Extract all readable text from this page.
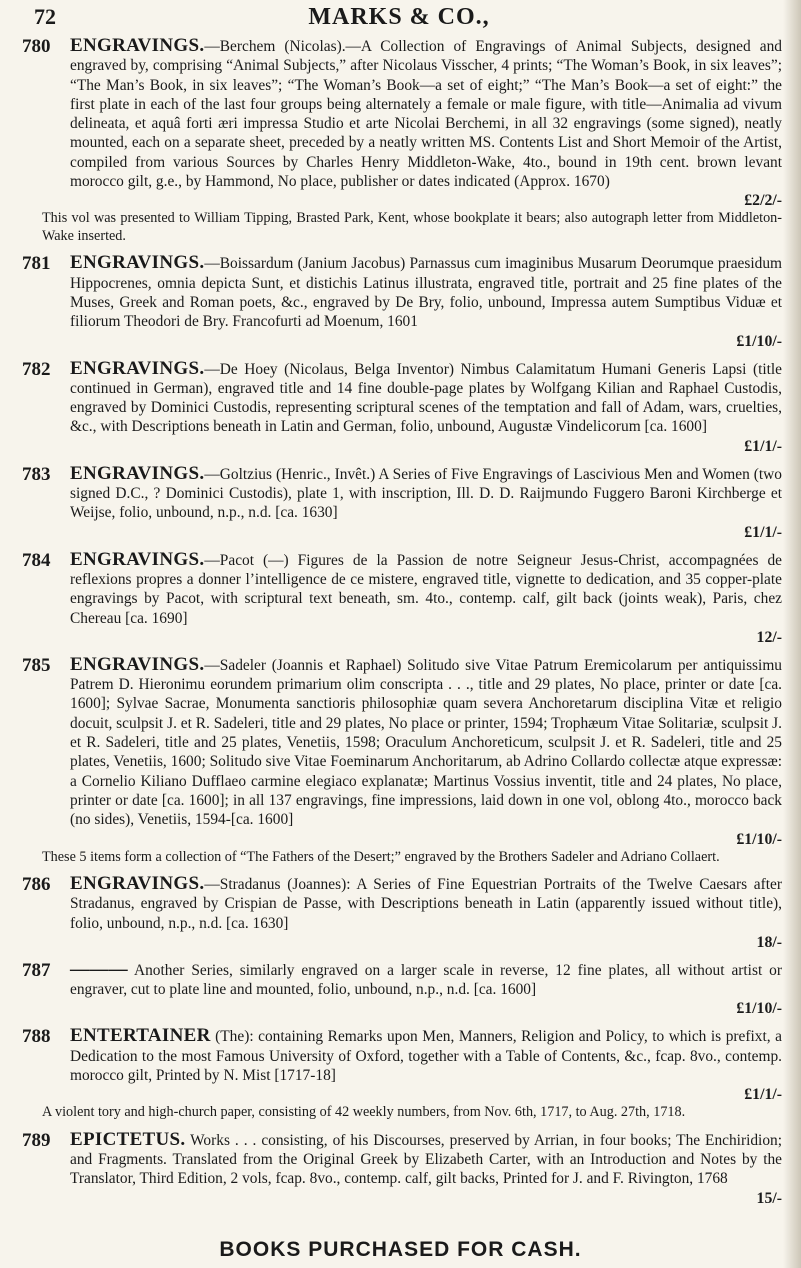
72	MARKS & CO.,
780 ENGRAVINGS.—Berchem (Nicolas).—A Collection of Engravings of Animal Subjects, designed and engraved by, comprising “Animal Subjects,” after Nicolaus Visscher, 4 prints; “The Woman’s Book, in six leaves”; “The Man’s Book, in six leaves”; “The Woman’s Book—a set of eight;” “The Man’s Book—a set of eight:” the first plate in each of the last four groups being alternately a female or male figure, with title—Animalia ad vivum delineata, et aquâ forti æri impressa Studio et arte Nicolai Berchemi, in all 32 engravings (some signed), neatly mounted, each on a separate sheet, preceded by a neatly written MS. Contents List and Short Memoir of the Artist, compiled from various Sources by Charles Henry Middleton-Wake, 4to., bound in 19th cent. brown levant morocco gilt, g.e., by Hammond, No place, publisher or dates indicated (Approx. 1670)
£2/2/-

This vol was presented to William Tipping, Brasted Park, Kent, whose bookplate it bears; also autograph letter from Middleton-Wake inserted.

781 ENGRAVINGS.—Boissardum (Janium Jacobus) Parnassus cum imaginibus Musarum Deorumque praesidum Hippocrenes, omnia depicta Sunt, et distichis Latinus illustrata, engraved title, portrait and 25 fine plates of the Muses, Greek and Roman poets, &c., engraved by De Bry, folio, unbound, Impressa autem Sumptibus Viduæ et filiorum Theodori de Bry. Francofurti ad Moenum, 1601
£1/10/-

782 ENGRAVINGS.—De Hoey (Nicolaus, Belga Inventor) Nimbus Calamitatum Humani Generis Lapsi (title continued in German), engraved title and 14 fine double-page plates by Wolfgang Kilian and Raphael Custodis, engraved by Dominici Custodis, representing scriptural scenes of the temptation and fall of Adam, wars, cruelties, &c., with Descriptions beneath in Latin and German, folio, unbound, Augustæ Vindelicorum [ca. 1600]
£1/1/-

783 ENGRAVINGS.—Goltzius (Henric., Invêt.) A Series of Five Engravings of Lascivious Men and Women (two signed D.C., ? Dominici Custodis), plate 1, with inscription, Ill. D. D. Raijmundo Fuggero Baroni Kirchberge et Weijse, folio, unbound, n.p., n.d. [ca. 1630]
£1/1/-

784 ENGRAVINGS.—Pacot (—) Figures de la Passion de notre Seigneur Jesus-Christ, accompagnées de reflexions propres a donner l’intelligence de ce mistere, engraved title, vignette to dedication, and 35 copper-plate engravings by Pacot, with scriptural text beneath, sm. 4to., contemp. calf, gilt back (joints weak), Paris, chez Chereau [ca. 1690]
12/-

785 ENGRAVINGS.—Sadeler (Joannis et Raphael) Solitudo sive Vitae Patrum Eremicolarum per antiquissimu Patrem D. Hieronimu eorundem primarium olim conscripta . . ., title and 29 plates, No place, printer or date [ca. 1600]; Sylvae Sacrae, Monumenta sanctioris philosophiæ quam severa Anchoretarum disciplina Vitæ et religio docuit, sculpsit J. et R. Sadeleri, title and 29 plates, No place or printer, 1594; Trophæum Vitae Solitariæ, sculpsit J. et R. Sadeleri, title and 25 plates, Venetiis, 1598; Oraculum Anchoreticum, sculpsit J. et R. Sadeleri, title and 25 plates, Venetiis, 1600; Solitudo sive Vitae Foeminarum Anchoritarum, ab Adrino Collardo collectæ atque expressæ: a Cornelio Kiliano Dufflaeo carmine elegiaco explanatæ; Martinus Vossius inventit, title and 24 plates, No place, printer or date [ca. 1600]; in all 137 engravings, fine impressions, laid down in one vol, oblong 4to., morocco back (no sides), Venetiis, 1594-[ca. 1600]
£1/10/-

These 5 items form a collection of “The Fathers of the Desert;” engraved by the Brothers Sadeler and Adriano Collaert.

786 ENGRAVINGS.—Stradanus (Joannes): A Series of Fine Equestrian Portraits of the Twelve Caesars after Stradanus, engraved by Crispian de Passe, with Descriptions beneath in Latin (apparently issued without title), folio, unbound, n.p., n.d. [ca. 1630]
18/-

787 ——— Another Series, similarly engraved on a larger scale in reverse, 12 fine plates, all without artist or engraver, cut to plate line and mounted, folio, unbound, n.p., n.d. [ca. 1600]
£1/10/-

788 ENTERTAINER (The): containing Remarks upon Men, Manners, Religion and Policy, to which is prefixt, a Dedication to the most Famous University of Oxford, together with a Table of Contents, &c., fcap. 8vo., contemp. morocco gilt, Printed by N. Mist [1717-18]
£1/1/-

A violent tory and high-church paper, consisting of 42 weekly numbers, from Nov. 6th, 1717, to Aug. 27th, 1718.

789 EPICTETUS. Works . . . consisting, of his Discourses, preserved by Arrian, in four books; The Enchiridion; and Fragments. Translated from the Original Greek by Elizabeth Carter, with an Introduction and Notes by the Translator, Third Edition, 2 vols, fcap. 8vo., contemp. calf, gilt backs, Printed for J. and F. Rivington, 1768
15/-

BOOKS PURCHASED FOR CASH.
